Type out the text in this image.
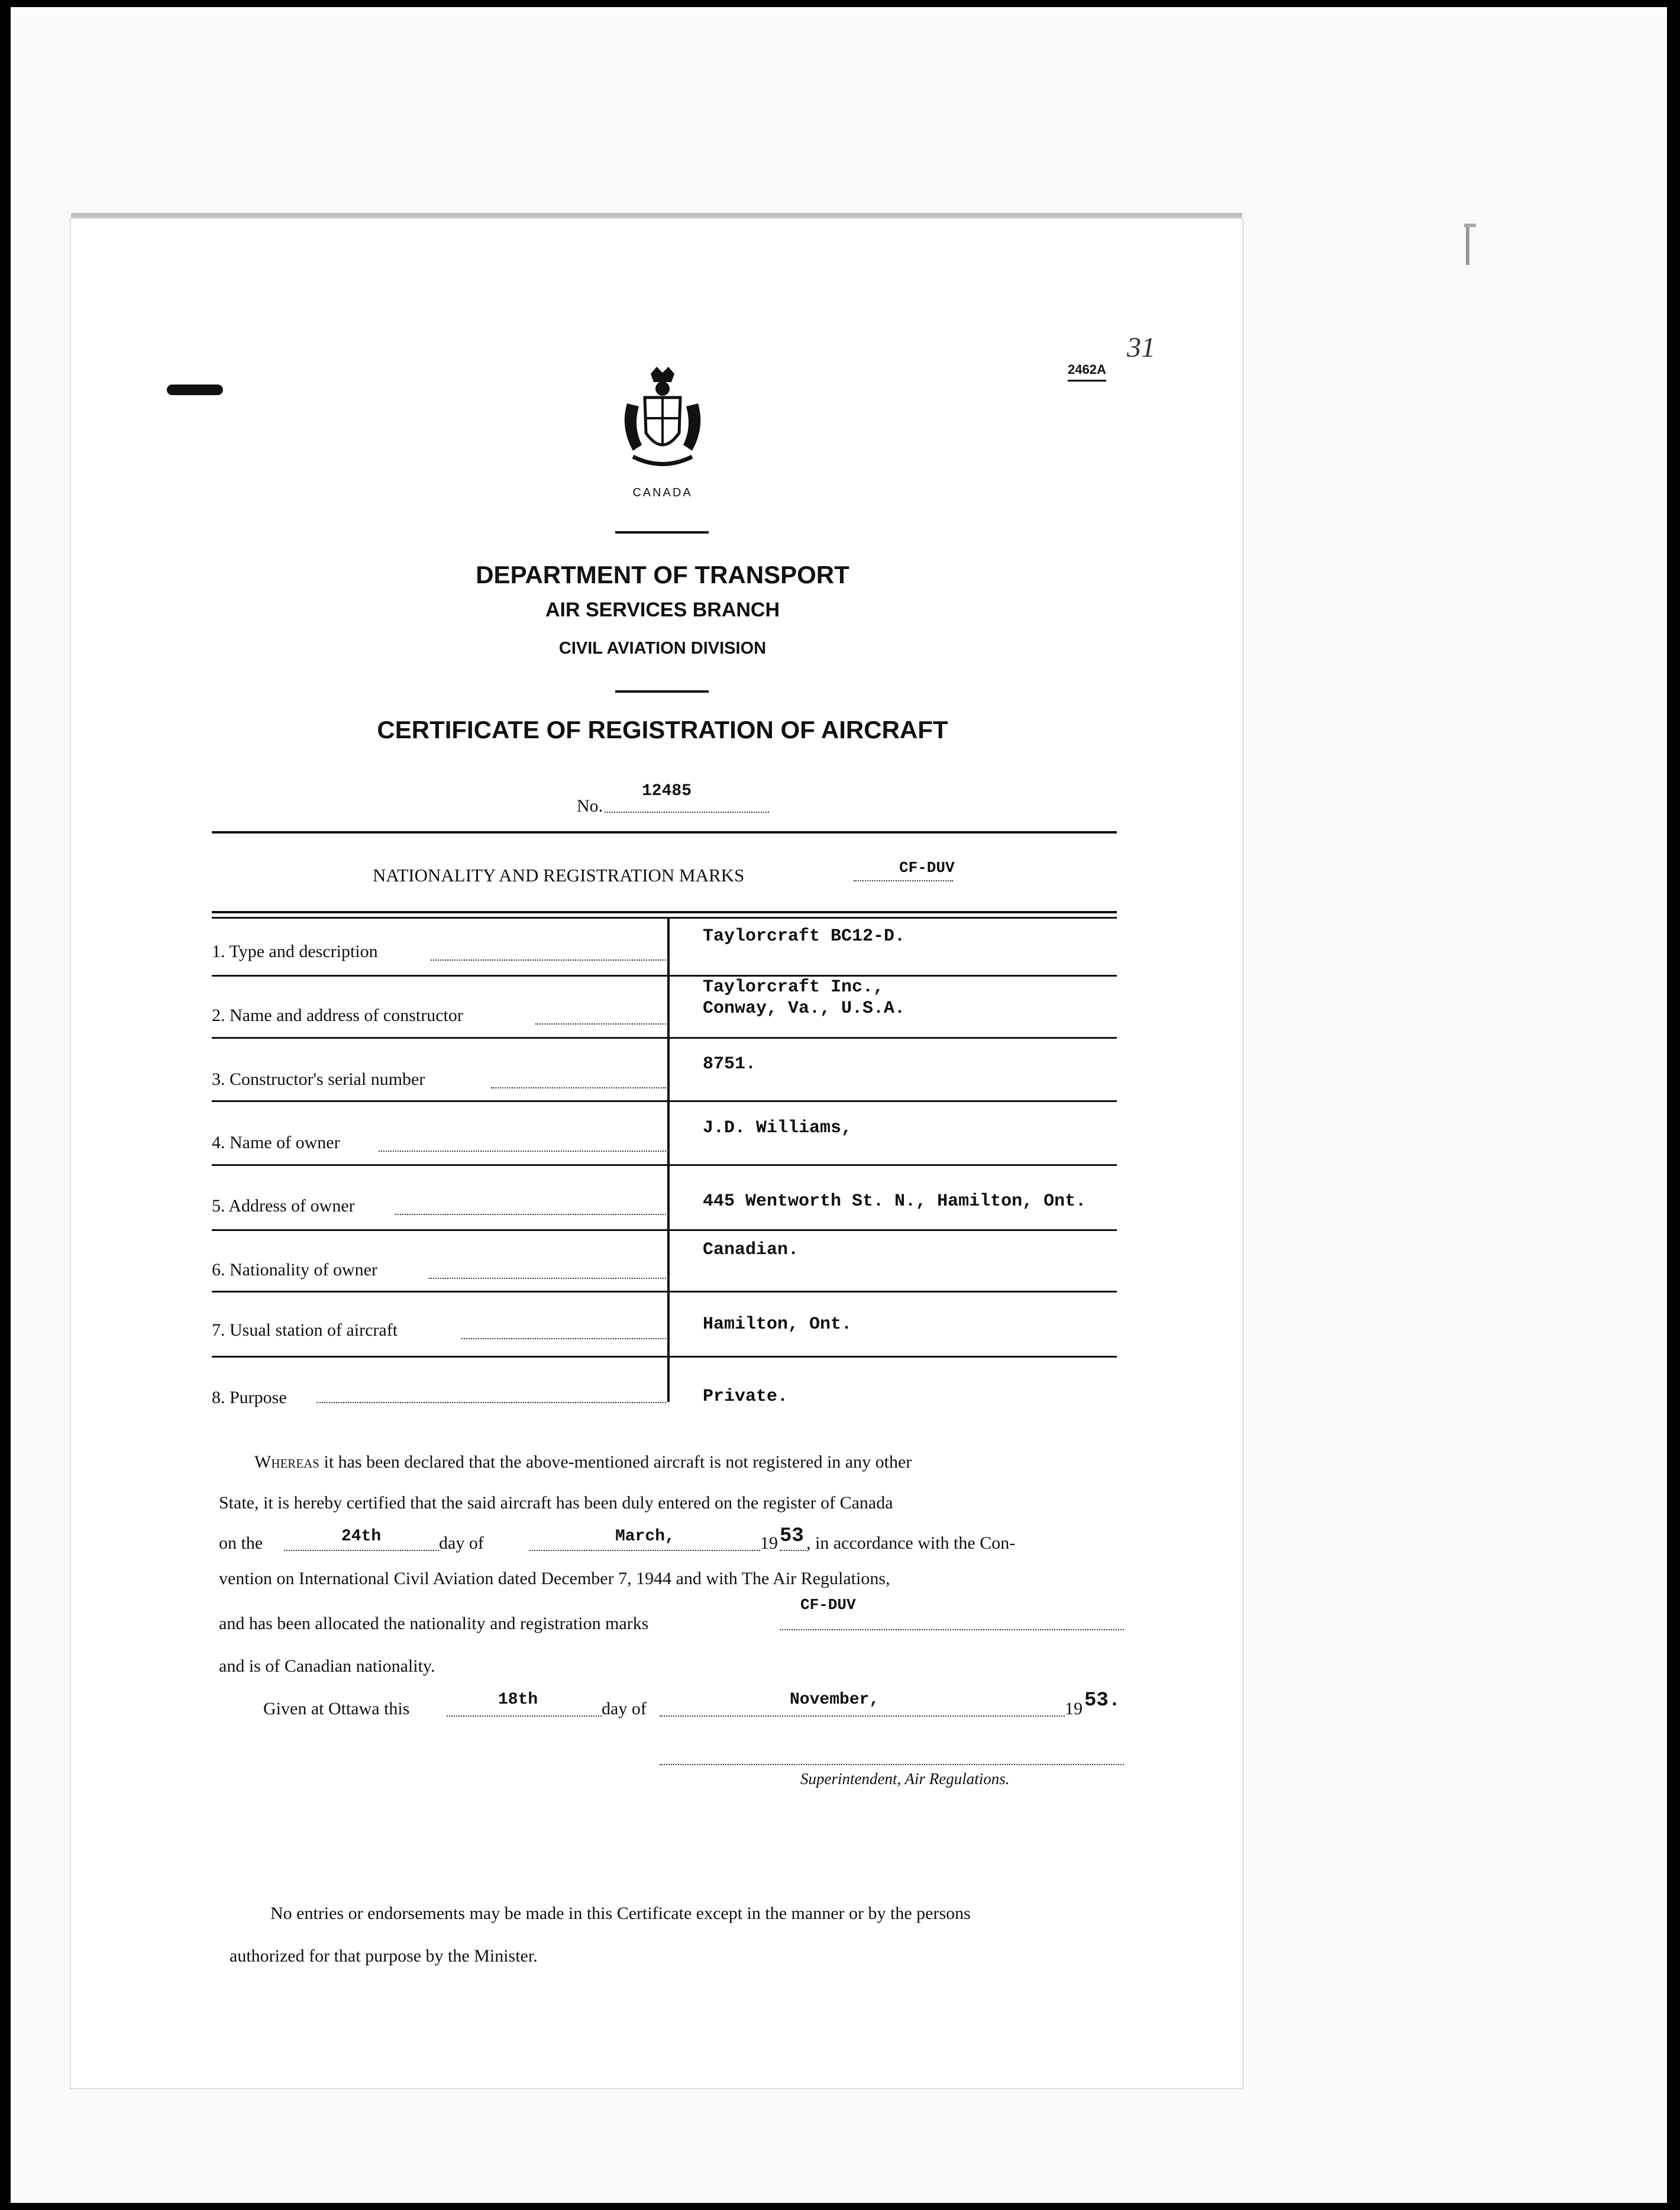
2462A
31
CANADA
DEPARTMENT OF TRANSPORT
AIR SERVICES BRANCH
CIVIL AVIATION DIVISION
CERTIFICATE OF REGISTRATION OF AIRCRAFT
No.
12485
NATIONALITY AND REGISTRATION MARKS	CF-DUV
1. Type and description
Taylorcraft BC12-D.
2. Name and address of constructor
Taylorcraft Inc.,
Conway, Va., U.S.A.
3. Constructor's serial number
8751.
4. Name of owner
J.D. Williams,
5. Address of owner	445 Wentworth St. N., Hamilton, Ont.
6. Nationality of owner
Canadian.
7. Usual station of aircraft	Hamilton, Ont.
8. Purpose	Private.
Whereas it has been declared that the above-mentioned aircraft is not registered in any other
State, it is hereby certified that the said aircraft has been duly entered on the register of Canada
on the	24th	day of	March,	19 53 , in accordance with the Con-
vention on International Civil Aviation dated December 7, 1944 and with The Air Regulations,
CF-DUV
and has been allocated the nationality and registration marks
and is of Canadian nationality.
Given at Ottawa this	18th	day of	November,	19 53.
Superintendent, Air Regulations.
No entries or endorsements may be made in this Certificate except in the manner or by the persons
authorized for that purpose by the Minister.
